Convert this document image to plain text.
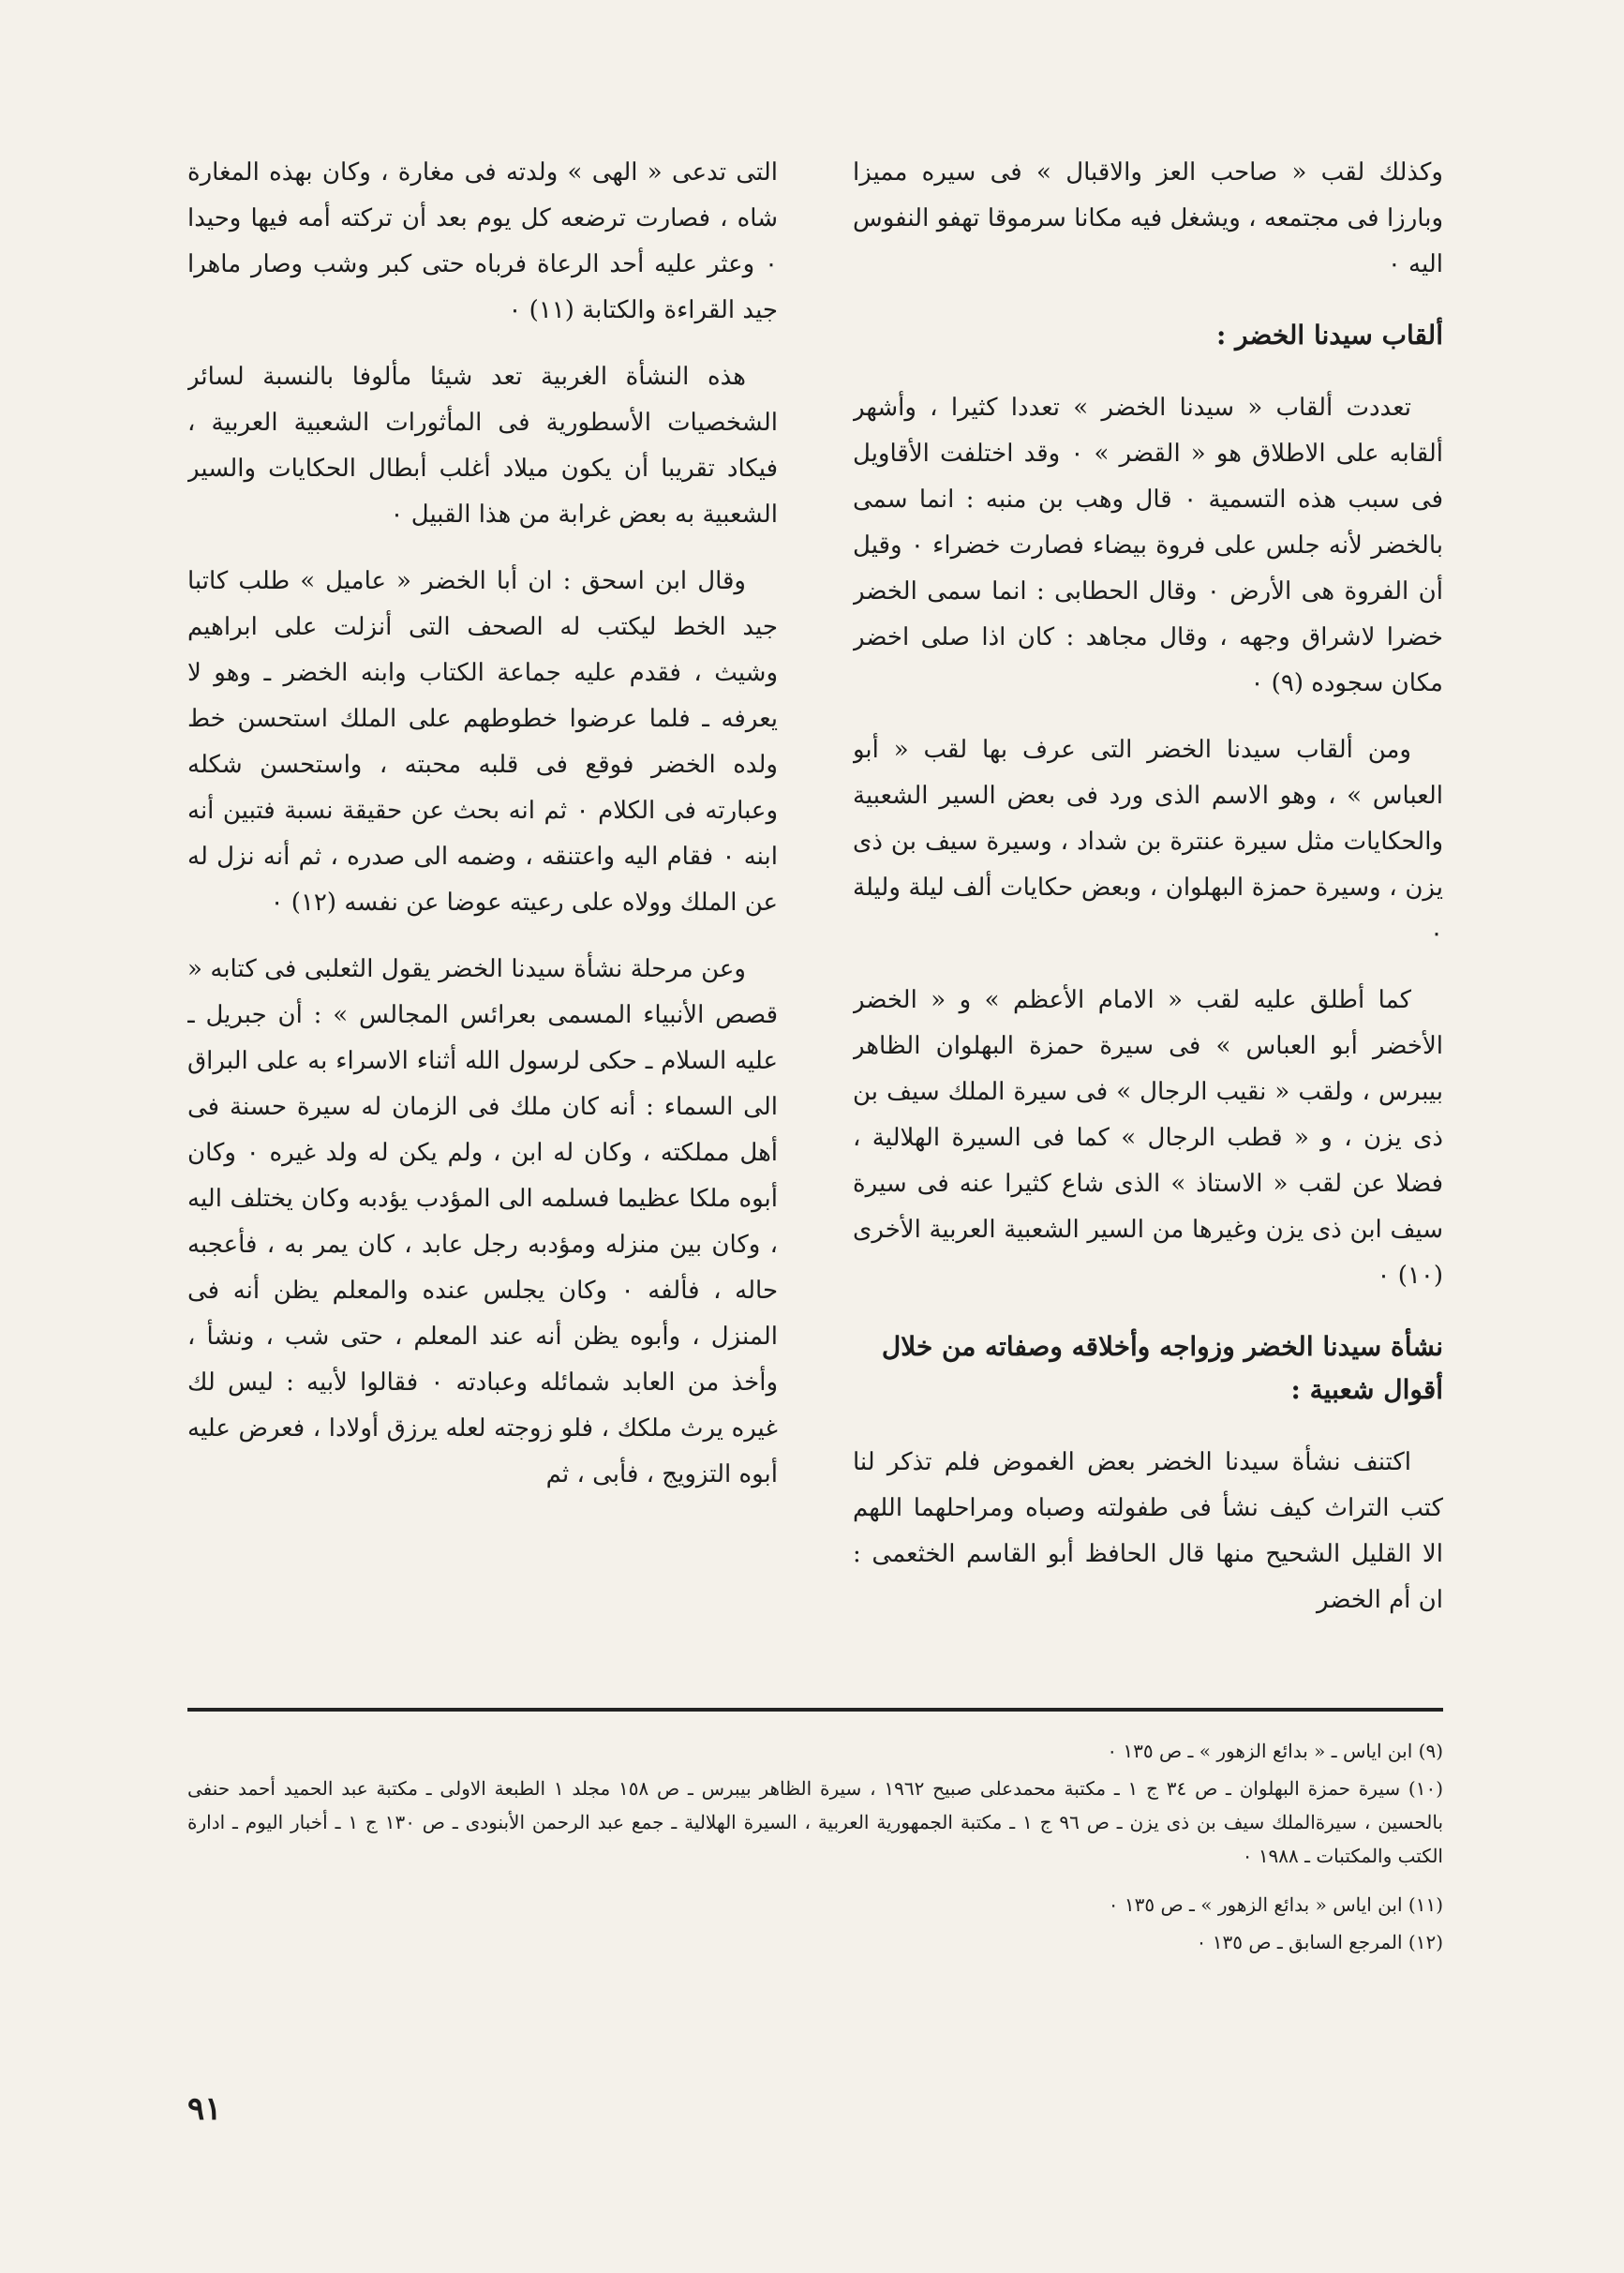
وكذلك لقب « صاحب العز والاقبال » فى سيره مميزا وبارزا فى مجتمعه ، ويشغل فيه مكانا سرموقا تهفو النفوس اليه ٠

ألقاب سيدنا الخضر :

تعددت ألقاب « سيدنا الخضر » تعددا كثيرا ، وأشهر ألقابه على الاطلاق هو « القضر » ٠ وقد اختلفت الأقاويل فى سبب هذه التسمية ٠ قال وهب بن منبه : انما سمى بالخضر لأنه جلس على فروة بيضاء فصارت خضراء ٠ وقيل أن الفروة هى الأرض ٠ وقال الحطابى : انما سمى الخضر خضرا لاشراق وجهه ، وقال مجاهد : كان اذا صلى اخضر مكان سجوده (٩) ٠

ومن ألقاب سيدنا الخضر التى عرف بها لقب « أبو العباس » ، وهو الاسم الذى ورد فى بعض السير الشعبية والحكايات مثل سيرة عنترة بن شداد ، وسيرة سيف بن ذى يزن ، وسيرة حمزة البهلوان ، وبعض حكايات ألف ليلة وليلة ٠

كما أطلق عليه لقب « الامام الأعظم » و « الخضر الأخضر أبو العباس » فى سيرة حمزة البهلوان الظاهر بيبرس ، ولقب « نقيب الرجال » فى سيرة الملك سيف بن ذى يزن ، و « قطب الرجال » كما فى السيرة الهلالية ، فضلا عن لقب « الاستاذ » الذى شاع كثيرا عنه فى سيرة سيف ابن ذى يزن وغيرها من السير الشعبية العربية الأخرى (١٠) ٠

نشأة سيدنا الخضر وزواجه وأخلاقه وصفاته من خلال أقوال شعبية :

اكتنف نشأة سيدنا الخضر بعض الغموض فلم تذكر لنا كتب التراث كيف نشأ فى طفولته وصباه ومراحلهما اللهم الا القليل الشحيح منها قال الحافظ أبو القاسم الخثعمى : ان أم الخضر

التى تدعى « الهى » ولدته فى مغارة ، وكان بهذه المغارة شاه ، فصارت ترضعه كل يوم بعد أن تركته أمه فيها وحيدا ٠ وعثر عليه أحد الرعاة فرباه حتى كبر وشب وصار ماهرا جيد القراءة والكتابة (١١) ٠

هذه النشأة الغربية تعد شيئا مألوفا بالنسبة لسائر الشخصيات الأسطورية فى المأثورات الشعبية العربية ، فيكاد تقريبا أن يكون ميلاد أغلب أبطال الحكايات والسير الشعبية به بعض غرابة من هذا القبيل ٠

وقال ابن اسحق : ان أبا الخضر « عاميل » طلب كاتبا جيد الخط ليكتب له الصحف التى أنزلت على ابراهيم وشيث ، فقدم عليه جماعة الكتاب وابنه الخضر ـ وهو لا يعرفه ـ فلما عرضوا خطوطهم على الملك استحسن خط ولده الخضر فوقع فى قلبه محبته ، واستحسن شكله وعبارته فى الكلام ٠ ثم انه بحث عن حقيقة نسبة فتبين أنه ابنه ٠ فقام اليه واعتنقه ، وضمه الى صدره ، ثم أنه نزل له عن الملك وولاه على رعيته عوضا عن نفسه (١٢) ٠

وعن مرحلة نشأة سيدنا الخضر يقول الثعلبى فى كتابه « قصص الأنبياء المسمى بعرائس المجالس » : أن جبريل ـ عليه السلام ـ حكى لرسول الله أثناء الاسراء به على البراق الى السماء : أنه كان ملك فى الزمان له سيرة حسنة فى أهل مملكته ، وكان له ابن ، ولم يكن له ولد غيره ٠ وكان أبوه ملكا عظيما فسلمه الى المؤدب يؤدبه وكان يختلف اليه ، وكان بين منزله ومؤدبه رجل عابد ، كان يمر به ، فأعجبه حاله ، فألفه ٠ وكان يجلس عنده والمعلم يظن أنه فى المنزل ، وأبوه يظن أنه عند المعلم ، حتى شب ، ونشأ ، وأخذ من العابد شمائله وعبادته ٠ فقالوا لأبيه : ليس لك غيره يرث ملكك ، فلو زوجته لعله يرزق أولادا ، فعرض عليه أبوه التزويج ، فأبى ، ثم

(٩) ابن اياس ـ « بدائع الزهور » ـ ص ١٣٥ ٠

(١٠) سيرة حمزة البهلوان ـ ص ٣٤ ج ١ ـ مكتبة محمدعلى صبيح ١٩٦٢ ، سيرة الظاهر بيبرس ـ ص ١٥٨ مجلد ١ الطبعة الاولى ـ مكتبة عبد الحميد أحمد حنفى بالحسين ، سيرةالملك سيف بن ذى يزن ـ ص ٩٦ ج ١ ـ مكتبة الجمهورية العربية ، السيرة الهلالية ـ جمع عبد الرحمن الأبنودى ـ ص ١٣٠ ج ١ ـ أخبار اليوم ـ ادارة الكتب والمكتبات ـ ١٩٨٨ ٠

(١١) ابن اياس « بدائع الزهور » ـ ص ١٣٥ ٠

(١٢) المرجع السابق ـ ص ١٣٥ ٠

٩١
